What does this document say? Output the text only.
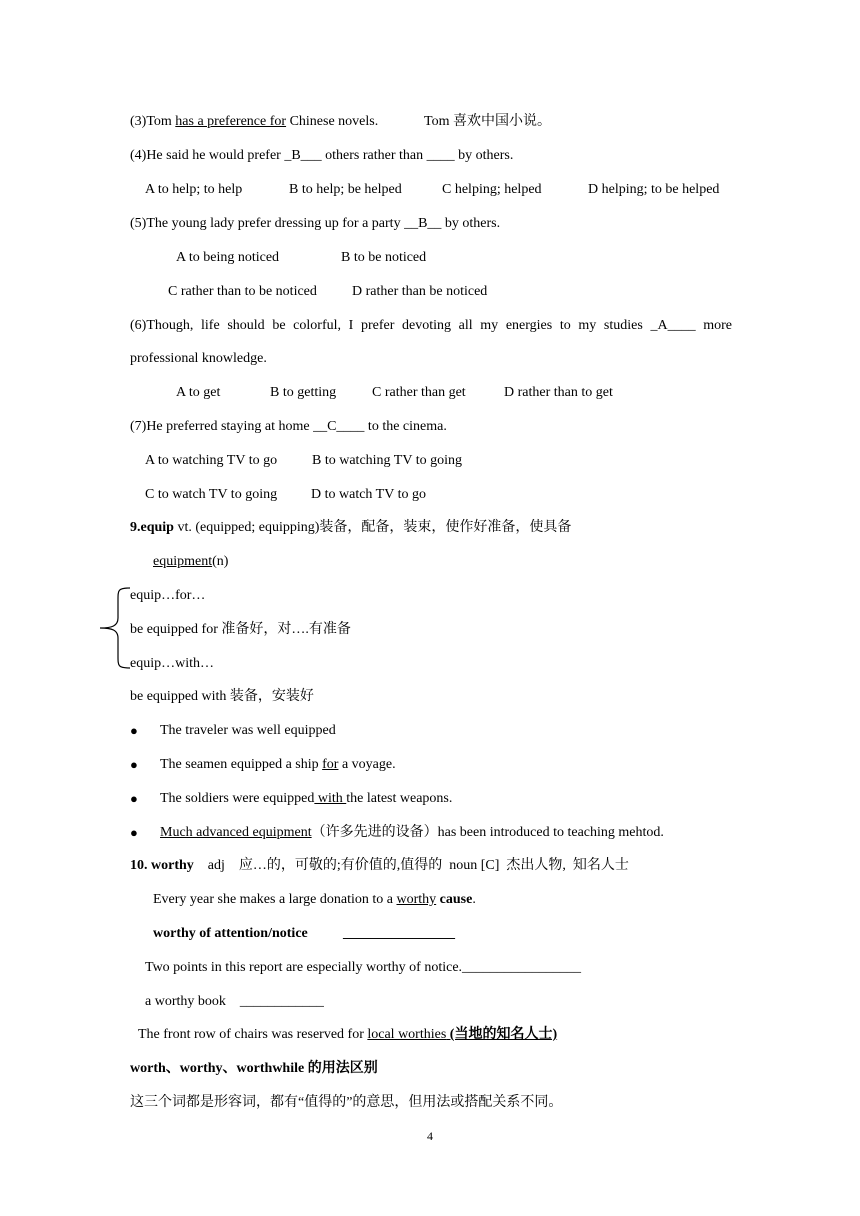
(3)Tom has a preference for Chinese novels.	Tom 喜欢中国小说。
(4)He said he would prefer _B___ others rather than ____ by others.
A to help; to help	B to help; be helped	C helping; helped	D helping; to be helped
(5)The young lady prefer dressing up for a party __B__ by others.
A to being noticed	B to be noticed
C rather than to be noticed	D rather than be noticed
(6)Though, life should be colorful, I prefer devoting all my energies to my studies _A____ more
professional knowledge.
A to get	B to getting	C rather than get	D rather than to get
(7)He preferred staying at home __C____ to the cinema.
A to watching TV to go B to watching TV to going
C to watch TV to going D to watch TV to go
9.equip vt. (equipped; equipping)装备，配备，装束，使作好准备，使具备
equipment(n)
equip…for…
be equipped for 准备好，对….有准备
equip…with…
be equipped with 装备，安装好
● The traveler was well equipped
● The seamen equipped a ship for a voyage.
● The soldiers were equipped with the latest weapons.
● Much advanced equipment（许多先进的设备）has been introduced to teaching mehtod.
10. worthy    adj    应…的，可敬的;有价值的,值得的  noun [C]  杰出人物,  知名人士
Every year she makes a large donation to a worthy cause.
worthy of attention/notice	________________
Two points in this report are especially worthy of notice._________________
a worthy book    ____________
The front row of chairs was reserved for local worthies (当地的知名人士)
worth、worthy、worthwhile 的用法区别
这三个词都是形容词，都有“值得的”的意思，但用法或搭配关系不同。
4
